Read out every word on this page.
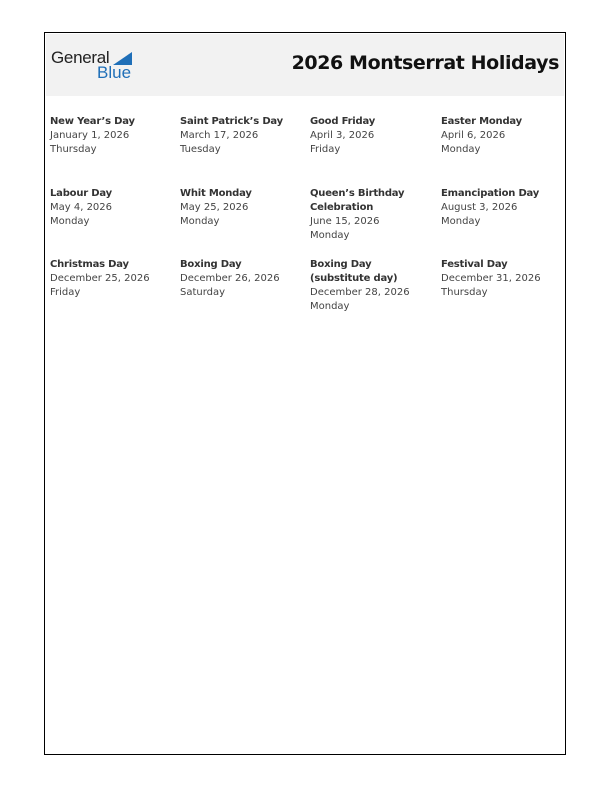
General
Blue	2026 Montserrat Holidays
New Year’s Day
January 1, 2026
Thursday
Saint Patrick’s Day
March 17, 2026
Tuesday
Good Friday
April 3, 2026
Friday
Easter Monday
April 6, 2026
Monday
Labour Day
May 4, 2026
Monday
Whit Monday
May 25, 2026
Monday
Queen’s Birthday Celebration
June 15, 2026
Monday
Emancipation Day
August 3, 2026
Monday
Christmas Day
December 25, 2026
Friday
Boxing Day
December 26, 2026
Saturday
Boxing Day (substitute day)
December 28, 2026
Monday
Festival Day
December 31, 2026
Thursday
